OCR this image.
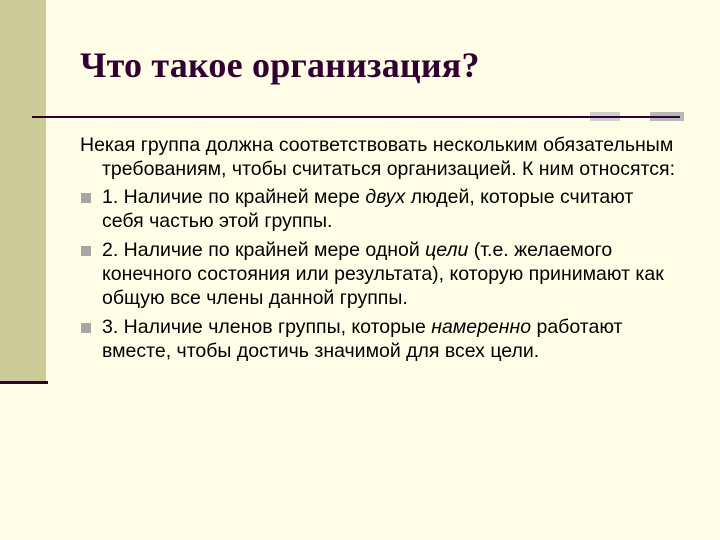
Что такое организация?

Некая группа должна соответствовать нескольким обязательным требованиям, чтобы считаться организацией. К ним относятся:

1. Наличие по крайней мере двух людей, которые считают себя частью этой группы.
2. Наличие по крайней мере одной цели (т.е. желаемого конечного состояния или результата), которую принимают как общую все члены данной группы.
3. Наличие членов группы, которые намеренно работают вместе, чтобы достичь значимой для всех цели.
